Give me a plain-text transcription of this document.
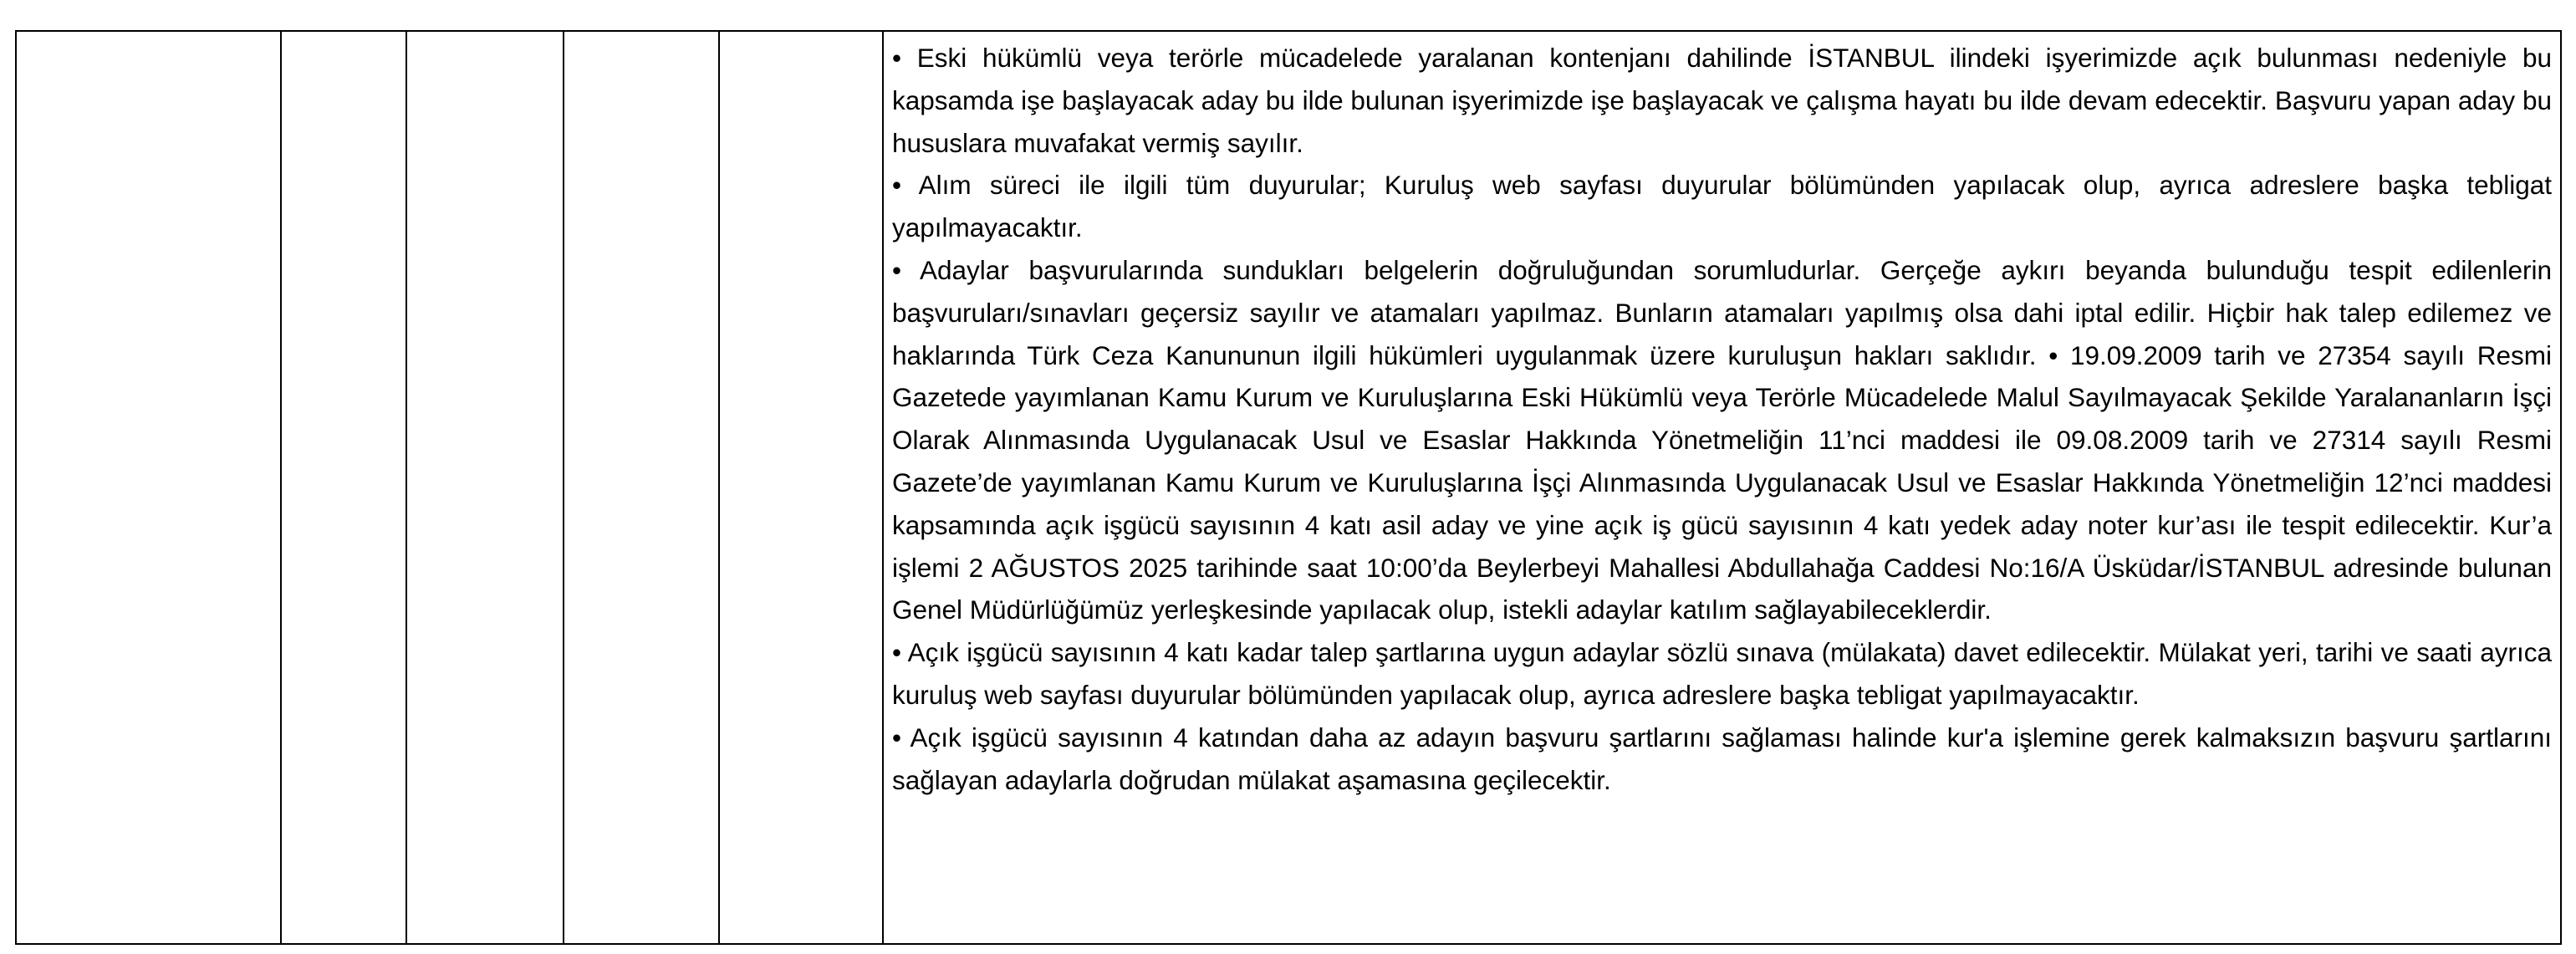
• Eski hükümlü veya terörle mücadelede yaralanan kontenjanı dahilinde İSTANBUL ilindeki işyerimizde açık bulunması nedeniyle bu kapsamda işe başlayacak aday bu ilde bulunan işyerimizde işe başlayacak ve çalışma hayatı bu ilde devam edecektir. Başvuru yapan aday bu hususlara muvafakat vermiş sayılır.

• Alım süreci ile ilgili tüm duyurular; Kuruluş web sayfası duyurular bölümünden yapılacak olup, ayrıca adreslere başka tebligat yapılmayacaktır.

• Adaylar başvurularında sundukları belgelerin doğruluğundan sorumludurlar. Gerçeğe aykırı beyanda bulunduğu tespit edilenlerin başvuruları/sınavları geçersiz sayılır ve atamaları yapılmaz. Bunların atamaları yapılmış olsa dahi iptal edilir. Hiçbir hak talep edilemez ve haklarında Türk Ceza Kanununun ilgili hükümleri uygulanmak üzere kuruluşun hakları saklıdır. • 19.09.2009 tarih ve 27354 sayılı Resmi Gazetede yayımlanan Kamu Kurum ve Kuruluşlarına Eski Hükümlü veya Terörle Mücadelede Malul Sayılmayacak Şekilde Yaralananların İşçi Olarak Alınmasında Uygulanacak Usul ve Esaslar Hakkında Yönetmeliğin 11’nci maddesi ile 09.08.2009 tarih ve 27314 sayılı Resmi Gazete’de yayımlanan Kamu Kurum ve Kuruluşlarına İşçi Alınmasında Uygulanacak Usul ve Esaslar Hakkında Yönetmeliğin 12’nci maddesi kapsamında açık işgücü sayısının 4 katı asil aday ve yine açık iş gücü sayısının 4 katı yedek aday noter kur’ası ile tespit edilecektir. Kur’a işlemi 2 AĞUSTOS 2025 tarihinde saat 10:00’da Beylerbeyi Mahallesi Abdullahağa Caddesi No:16/A Üsküdar/İSTANBUL adresinde bulunan Genel Müdürlüğümüz yerleşkesinde yapılacak olup, istekli adaylar katılım sağlayabileceklerdir.

• Açık işgücü sayısının 4 katı kadar talep şartlarına uygun adaylar sözlü sınava (mülakata) davet edilecektir. Mülakat yeri, tarihi ve saati ayrıca kuruluş web sayfası duyurular bölümünden yapılacak olup, ayrıca adreslere başka tebligat yapılmayacaktır.

• Açık işgücü sayısının 4 katından daha az adayın başvuru şartlarını sağlaması halinde kur'a işlemine gerek kalmaksızın başvuru şartlarını sağlayan adaylarla doğrudan mülakat aşamasına geçilecektir.
